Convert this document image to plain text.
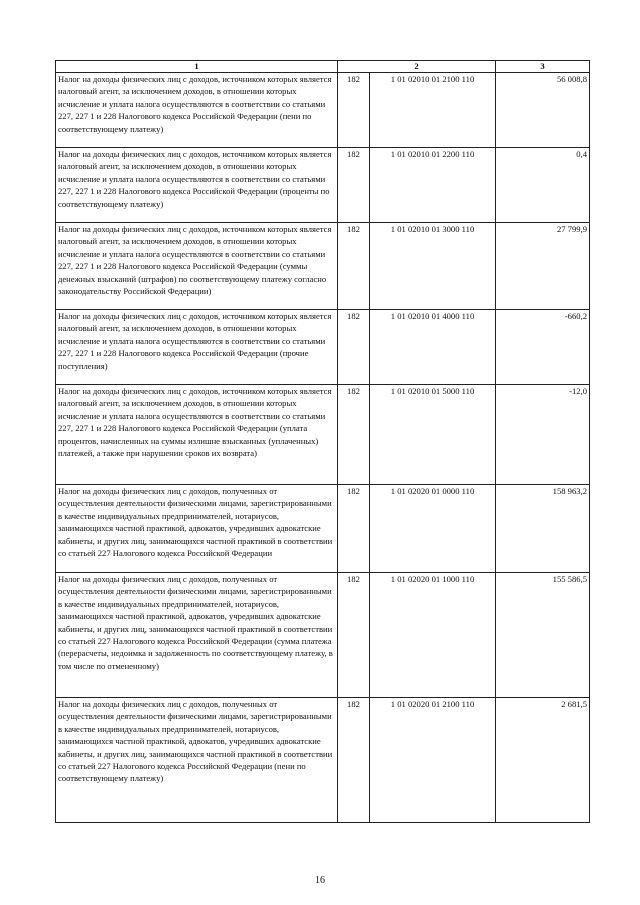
1	2		3
Налог на доходы физических лиц с доходов, источником которых является налоговый агент, за исключением доходов, в отношении которых исчисление и уплата налога осуществляются в соответствии со статьями 227, 227 1 и 228 Налогового кодекса Российской Федерации (пени по соответствующему платежу)	182	1 01 02010 01 2100 110	56 008,8
Налог на доходы физических лиц с доходов, источником которых является налоговый агент, за исключением доходов, в отношении которых исчисление и уплата налога осуществляются в соответствии со статьями 227, 227 1 и 228 Налогового кодекса Российской Федерации (проценты по соответствующему платежу)	182	1 01 02010 01 2200 110	0,4
Налог на доходы физических лиц с доходов, источником которых является налоговый агент, за исключением доходов, в отношении которых исчисление и уплата налога осуществляются в соответствии со статьями 227, 227 1 и 228 Налогового кодекса Российской Федерации (суммы денежных взысканий (штрафов) по соответствующему платежу согласно законодательству Российской Федерации)	182	1 01 02010 01 3000 110	27 799,9
Налог на доходы физических лиц с доходов, источником которых является налоговый агент, за исключением доходов, в отношении которых исчисление и уплата налога осуществляются в соответствии со статьями 227, 227 1 и 228 Налогового кодекса Российской Федерации (прочие поступления)	182	1 01 02010 01 4000 110	-660,2
Налог на доходы физических лиц с доходов, источником которых является налоговый агент, за исключением доходов, в отношении которых исчисление и уплата налога осуществляются в соответствии со статьями 227, 227 1 и 228 Налогового кодекса Российской Федерации (уплата процентов, начисленных на суммы излишне взысканных (уплаченных) платежей, а также при нарушении сроков их возврата)	182	1 01 02010 01 5000 110	-12,0
Налог на доходы физических лиц с доходов, полученных от осуществления деятельности физическими лицами, зарегистрированными в качестве индивидуальных предпринимателей, нотариусов, занимающихся частной практикой, адвокатов, учредивших адвокатские кабинеты, и других лиц, занимающихся частной практикой в соответствии со статьей 227 Налогового кодекса Российской Федерации	182	1 01 02020 01 0000 110	158 963,2
Налог на доходы физических лиц с доходов, полученных от осуществления деятельности физическими лицами, зарегистрированными в качестве индивидуальных предпринимателей, нотариусов, занимающихся частной практикой, адвокатов, учредивших адвокатские кабинеты, и других лиц, занимающихся частной практикой в соответствии со статьей 227 Налогового кодекса Российской Федерации (сумма платежа (перерасчеты, недоимка и задолженность по соответствующему платежу, в том числе по отмененному)	182	1 01 02020 01 1000 110	155 586,5
Налог на доходы физических лиц с доходов, полученных от осуществления деятельности физическими лицами, зарегистрированными в качестве индивидуальных предпринимателей, нотариусов, занимающихся частной практикой, адвокатов, учредивших адвокатские кабинеты, и других лиц, занимающихся частной практикой в соответствии со статьей 227 Налогового кодекса Российской Федерации (пени по соответствующему платежу)	182	1 01 02020 01 2100 110	2 681,5
16
